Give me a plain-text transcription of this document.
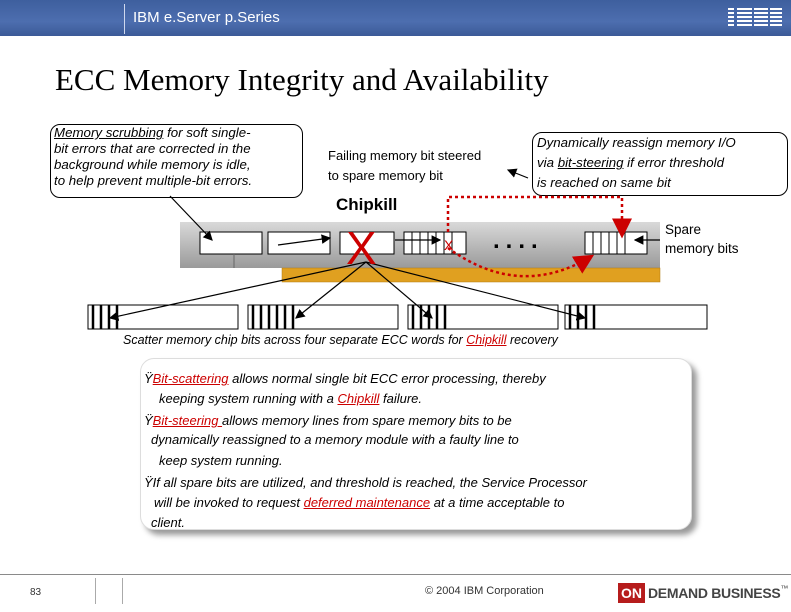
IBM e.Server p.Series
ECC Memory Integrity and Availability
Memory scrubbing for soft single-
bit errors that are corrected in the
background while memory is idle,
to help prevent multiple-bit errors.
Dynamically reassign memory I/O
via bit-steering if error threshold
is reached on same bit
Failing memory bit steered
to spare memory bit
Chipkill
Spare
memory bits
X	X ....
Scatter memory chip bits across four separate ECC words for Chipkill recovery
ŸBit-scattering allows normal single bit ECC error processing, thereby
keeping system running with a Chipkill failure.
ŸBit-steering allows memory lines from spare memory bits to be
dynamically reassigned to a memory module with a faulty line to
keep system running.
ŸIf all spare bits are utilized, and threshold is reached, the Service Processor
will be invoked to request deferred maintenance at a time acceptable to
client.
83	© 2004 IBM Corporation	ON DEMAND BUSINESS ™
